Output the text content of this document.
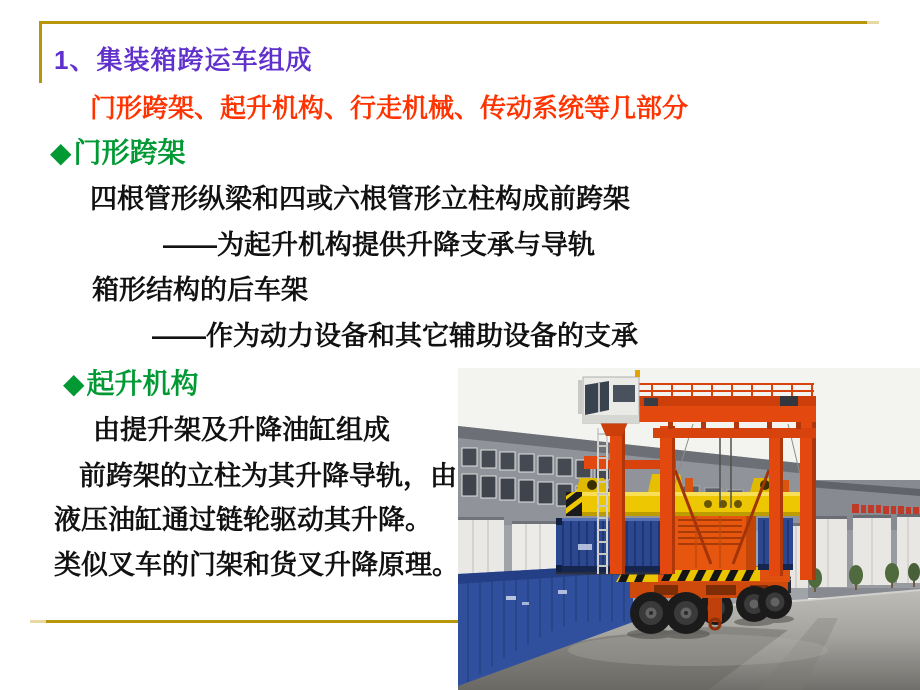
1、集装箱跨运车组成
门形跨架、起升机构、行走机械、传动系统等几部分
◆门形跨架
四根管形纵梁和四或六根管形立柱构成前跨架
——为起升机构提供升降支承与导轨
箱形结构的后车架
——作为动力设备和其它辅助设备的支承
◆起升机构
由提升架及升降油缸组成
前跨架的立柱为其升降导轨，由
液压油缸通过链轮驱动其升降。
类似叉车的门架和货叉升降原理。
